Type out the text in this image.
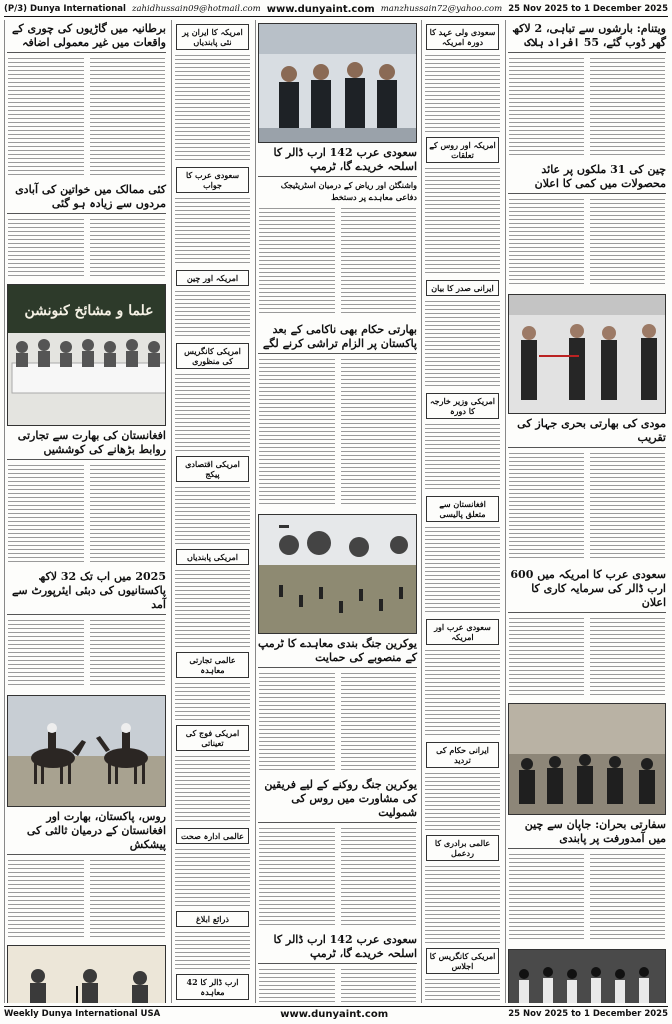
(P/3) Dunya International zahidhussain09@hotmail.com www.dunyaint.com manzhussain72@yahoo.com 25 Nov 2025 to 1 December 2025
برطانیہ میں گاڑیوں کی چوری کے واقعات میں غیر معمولی اضافہ
کئی ممالک میں خواتین کی آبادی مردوں سے زیادہ ہو گئی
علما و مشائخ کنونشن
افغانستان کی بھارت سے تجارتی روابط بڑھانے کی کوششیں
2025 میں اب تک 32 لاکھ پاکستانیوں کی دبئی ایئرپورٹ سے آمد
روس، پاکستان، بھارت اور افغانستان کے درمیان ثالثی کی پیشکش
امریکہ کا ایران پر نئی پابندیاں
سعودی عرب کا جواب
امریکہ اور چین
امریکی کانگریس کی منظوری
امریکی اقتصادی پیکج
امریکی پابندیاں
عالمی تجارتی معاہدہ
امریکی فوج کی تعیناتی
عالمی ادارہ صحت
ذرائع ابلاغ
42 ارب ڈالر کا معاہدہ
سعودی عرب 142 ارب ڈالر کا اسلحہ خریدے گا، ٹرمپ
واشنگٹن اور ریاض کے درمیان اسٹریٹیجک دفاعی معاہدے پر دستخط
بھارتی حکام بھی ناکامی کے بعد پاکستان پر الزام تراشی کرنے لگے
یوکرین جنگ بندی معاہدے کا ٹرمپ کے منصوبے کی حمایت
یوکرین جنگ روکنے کے لیے فریقین کی مشاورت میں روس کی شمولیت
سعودی عرب 142 ارب ڈالر کا اسلحہ خریدے گا، ٹرمپ
سعودی ولی عہد کا دورہ امریکہ
امریکہ اور روس کے تعلقات
ایرانی صدر کا بیان
امریکی وزیر خارجہ کا دورہ
افغانستان سے متعلق پالیسی
سعودی عرب اور امریکہ
ایرانی حکام کی تردید
عالمی برادری کا ردعمل
امریکی کانگریس کا اجلاس
ویتنام: بارشوں سے تباہی، 2 لاکھ گھر ڈوب گئے، 55 افراد ہلاک
چین کی 31 ملکوں پر عائد محصولات میں کمی کا اعلان
مودی کی بھارتی بحری جہاز کی تقریب
سعودی عرب کا امریکہ میں 600 ارب ڈالر کی سرمایہ کاری کا اعلان
سفارتی بحران: جاپان سے چین میں آمدورفت پر پابندی
Weekly Dunya International USA	www.dunyaint.com	25 Nov 2025 to 1 December 2025
